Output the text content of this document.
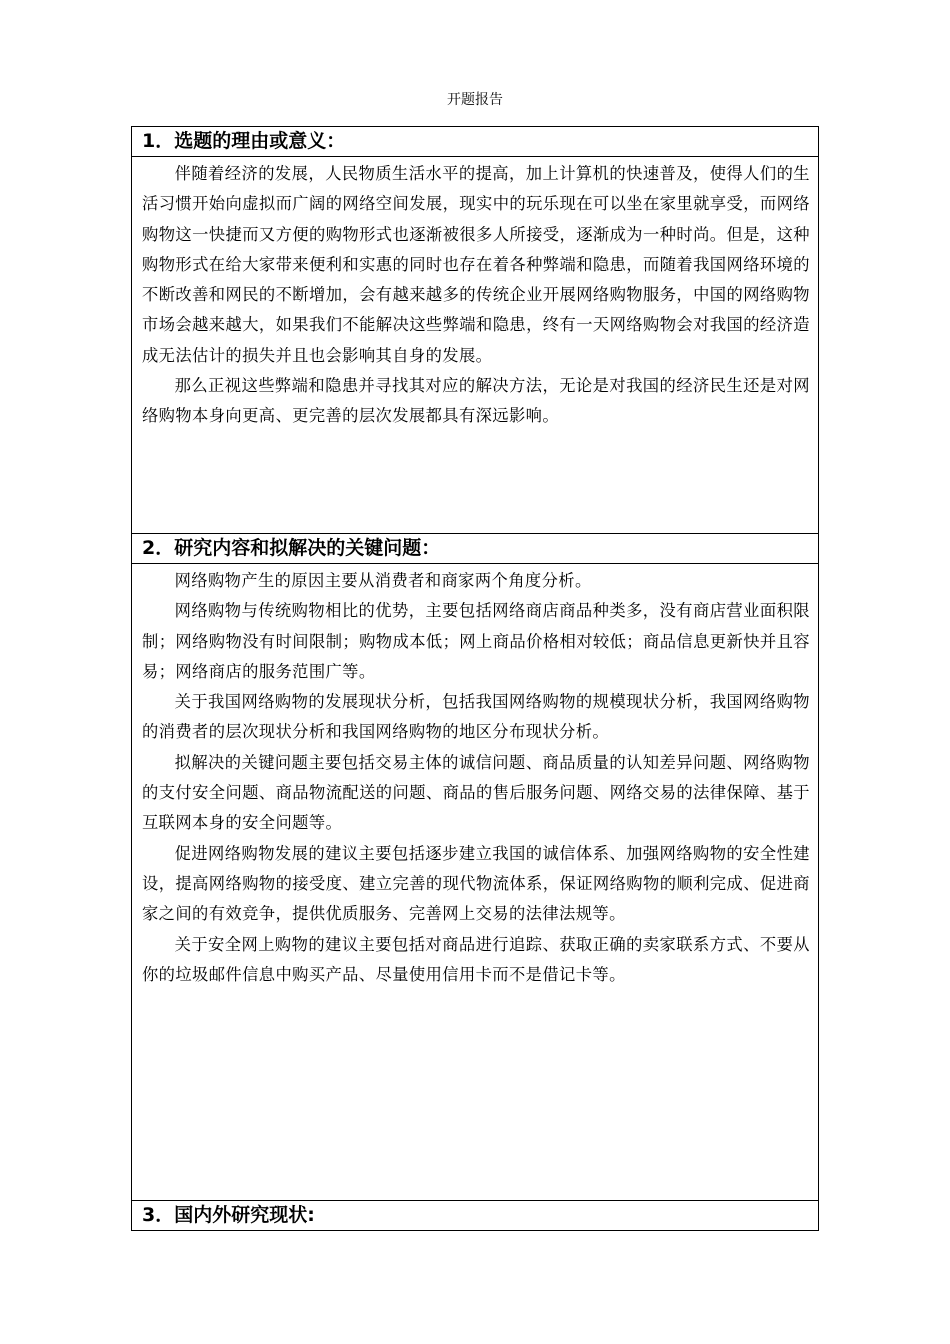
开题报告
1．选题的理由或意义：

伴随着经济的发展，人民物质生活水平的提高，加上计算机的快速普及，使得人们的生活习惯开始向虚拟而广阔的网络空间发展，现实中的玩乐现在可以坐在家里就享受，而网络购物这一快捷而又方便的购物形式也逐渐被很多人所接受，逐渐成为一种时尚。但是，这种购物形式在给大家带来便利和实惠的同时也存在着各种弊端和隐患，而随着我国网络环境的不断改善和网民的不断增加，会有越来越多的传统企业开展网络购物服务，中国的网络购物市场会越来越大，如果我们不能解决这些弊端和隐患，终有一天网络购物会对我国的经济造成无法估计的损失并且也会影响其自身的发展。

那么正视这些弊端和隐患并寻找其对应的解决方法，无论是对我国的经济民生还是对网络购物本身向更高、更完善的层次发展都具有深远影响。

2．研究内容和拟解决的关键问题：

网络购物产生的原因主要从消费者和商家两个角度分析。

网络购物与传统购物相比的优势，主要包括网络商店商品种类多，没有商店营业面积限制；网络购物没有时间限制；购物成本低；网上商品价格相对较低；商品信息更新快并且容易；网络商店的服务范围广等。

关于我国网络购物的发展现状分析，包括我国网络购物的规模现状分析，我国网络购物的消费者的层次现状分析和我国网络购物的地区分布现状分析。

拟解决的关键问题主要包括交易主体的诚信问题、商品质量的认知差异问题、网络购物的支付安全问题、商品物流配送的问题、商品的售后服务问题、网络交易的法律保障、基于互联网本身的安全问题等。

促进网络购物发展的建议主要包括逐步建立我国的诚信体系、加强网络购物的安全性建设，提高网络购物的接受度、建立完善的现代物流体系，保证网络购物的顺利完成、促进商家之间的有效竞争，提供优质服务、完善网上交易的法律法规等。

关于安全网上购物的建议主要包括对商品进行追踪、获取正确的卖家联系方式、不要从你的垃圾邮件信息中购买产品、尽量使用信用卡而不是借记卡等。

3．国内外研究现状:
